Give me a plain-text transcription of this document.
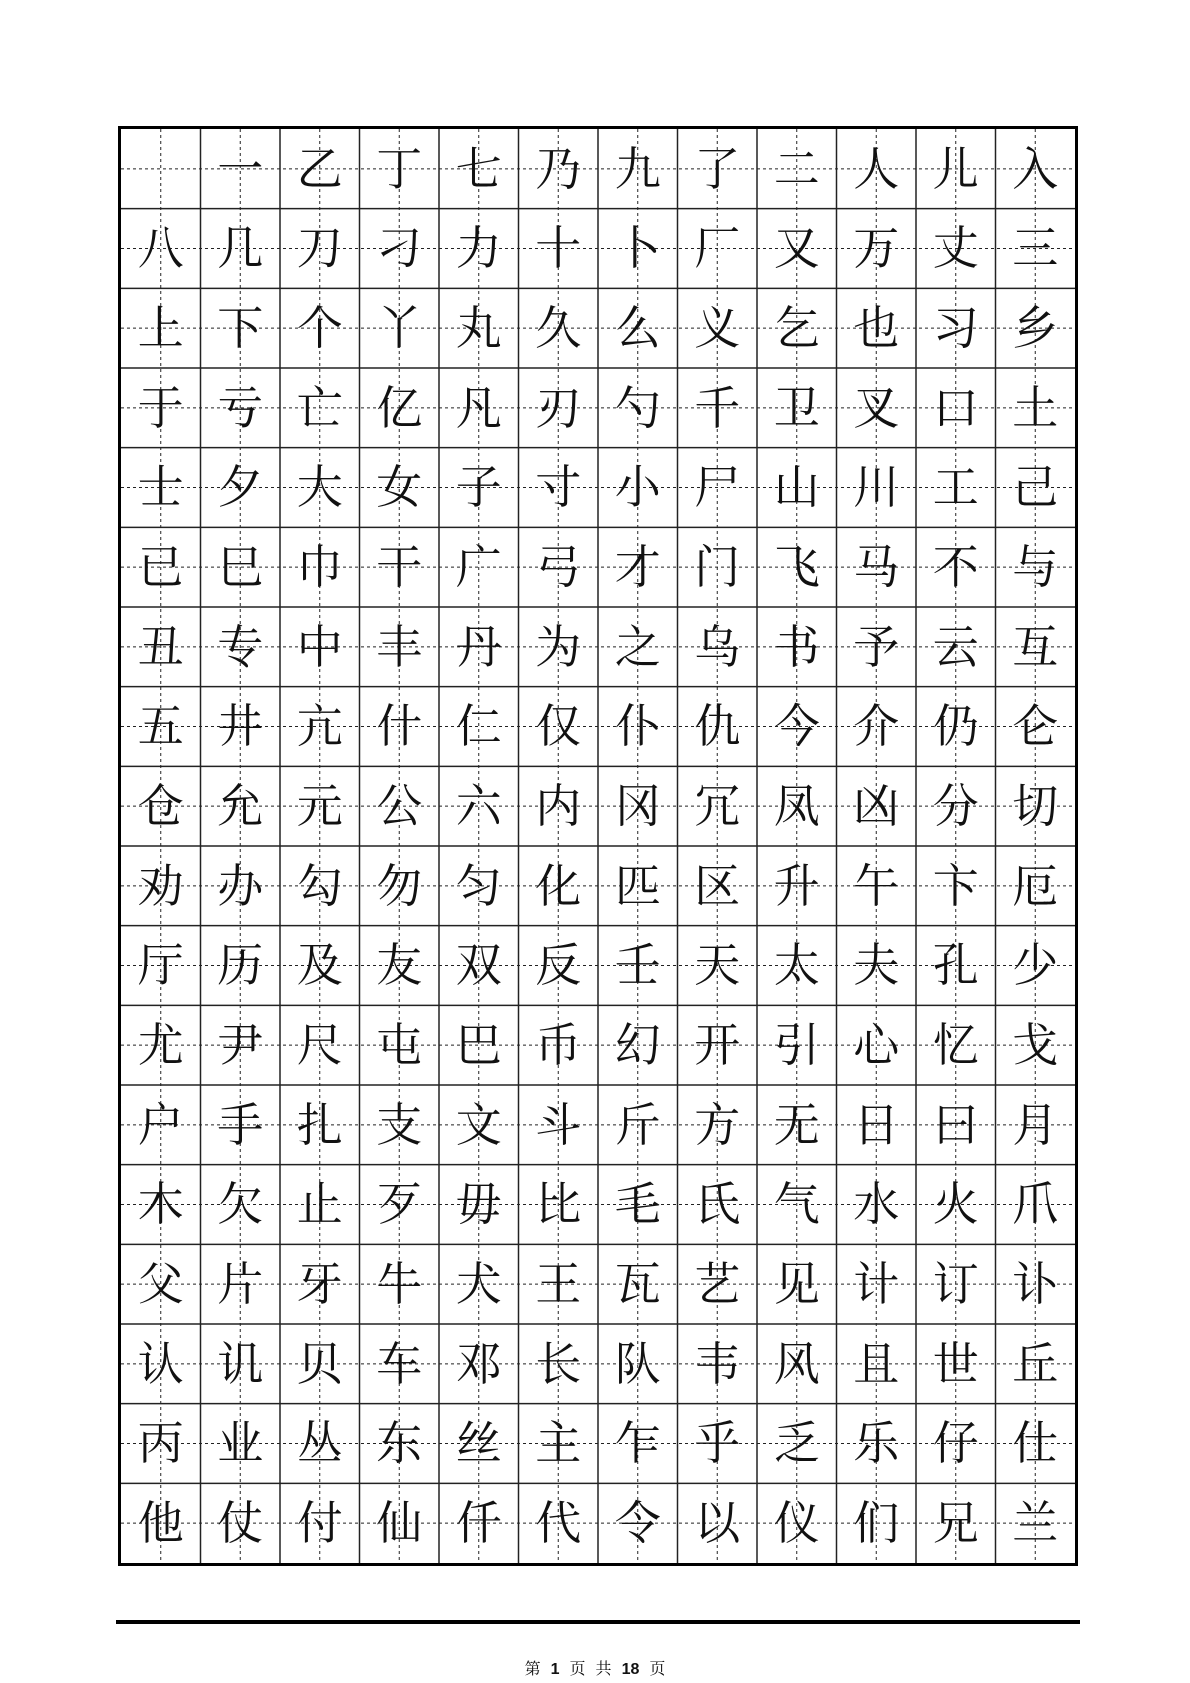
一 乙 丁 七 乃 九 了 二 人 儿 入
八 几 刀 刁 力 十 卜 厂 又 万 丈 三
上 下 个 丫 丸 久 么 义 乞 也 习 乡
于 亏 亡 亿 凡 刃 勺 千 卫 叉 口 土
士 夕 大 女 子 寸 小 尸 山 川 工 己
已 巳 巾 干 广 弓 才 门 飞 马 不 与
丑 专 中 丰 丹 为 之 乌 书 予 云 互
五 井 亢 什 仁 仅 仆 仇 今 介 仍 仑
仓 允 元 公 六 内 冈 冗 凤 凶 分 切
劝 办 勾 勿 匀 化 匹 区 升 午 卞 厄
厅 历 及 友 双 反 壬 天 太 夫 孔 少
尤 尹 尺 屯 巴 币 幻 开 引 心 忆 戈
户 手 扎 支 文 斗 斤 方 无 日 曰 月
木 欠 止 歹 毋 比 毛 氏 气 水 火 爪
父 片 牙 牛 犬 王 瓦 艺 见 计 订 讣
认 讥 贝 车 邓 长 队 韦 风 且 世 丘
丙 业 丛 东 丝 主 乍 乎 乏 乐 仔 仕
他 仗 付 仙 仟 代 令 以 仪 们 兄 兰
第 1 页 共 18 页
